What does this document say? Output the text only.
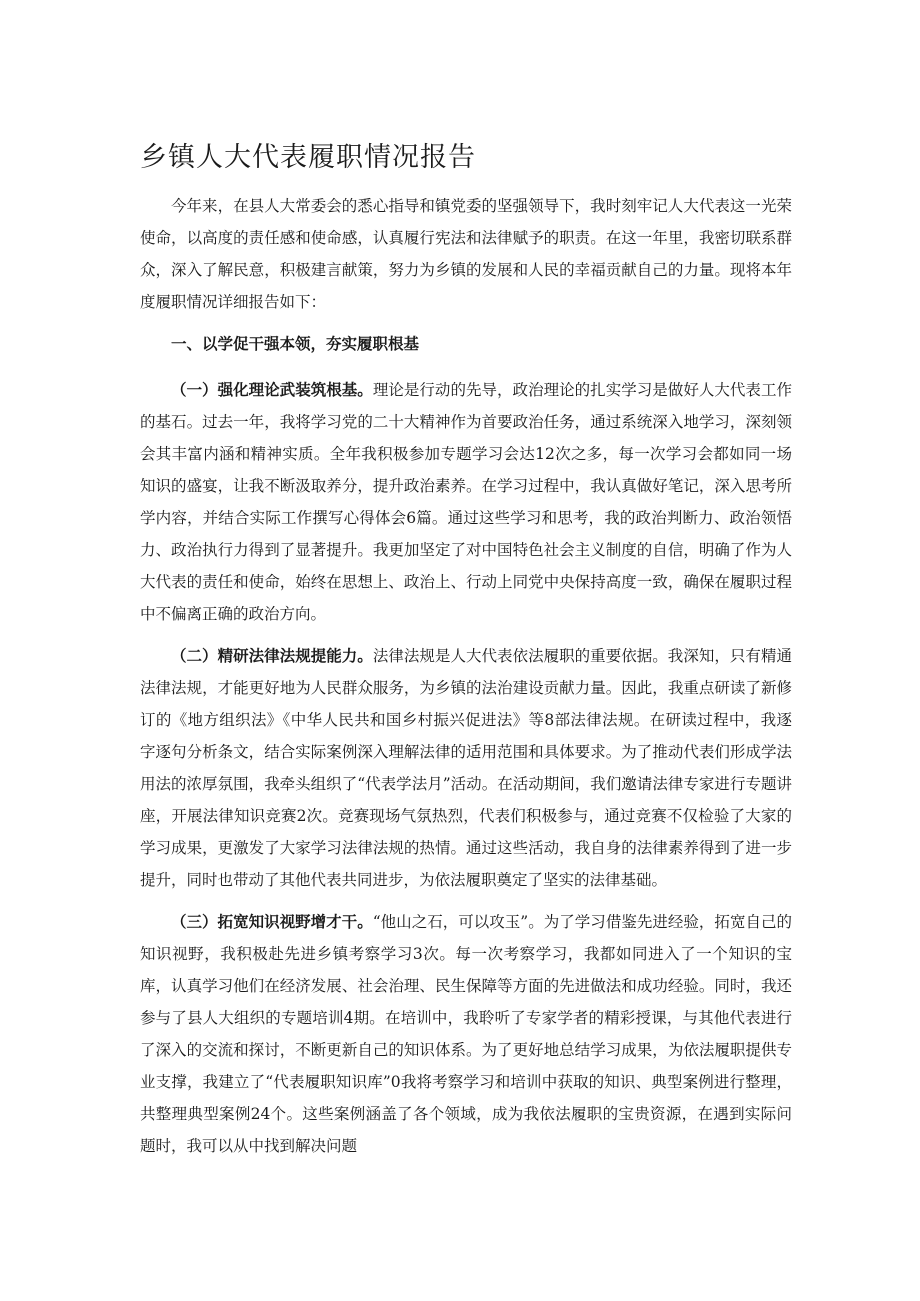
乡镇人大代表履职情况报告

今年来，在县人大常委会的悉心指导和镇党委的坚强领导下，我时刻牢记人大代表这一光荣使命，以高度的责任感和使命感，认真履行宪法和法律赋予的职责。在这一年里，我密切联系群众，深入了解民意，积极建言献策，努力为乡镇的发展和人民的幸福贡献自己的力量。现将本年度履职情况详细报告如下：

一、以学促干强本领，夯实履职根基

（一）强化理论武装筑根基。理论是行动的先导，政治理论的扎实学习是做好人大代表工作的基石。过去一年，我将学习党的二十大精神作为首要政治任务，通过系统深入地学习，深刻领会其丰富内涵和精神实质。全年我积极参加专题学习会达12次之多，每一次学习会都如同一场知识的盛宴，让我不断汲取养分，提升政治素养。在学习过程中，我认真做好笔记，深入思考所学内容，并结合实际工作撰写心得体会6篇。通过这些学习和思考，我的政治判断力、政治领悟力、政治执行力得到了显著提升。我更加坚定了对中国特色社会主义制度的自信，明确了作为人大代表的责任和使命，始终在思想上、政治上、行动上同党中央保持高度一致，确保在履职过程中不偏离正确的政治方向。

（二）精研法律法规提能力。法律法规是人大代表依法履职的重要依据。我深知，只有精通法律法规，才能更好地为人民群众服务，为乡镇的法治建设贡献力量。因此，我重点研读了新修订的《地方组织法》《中华人民共和国乡村振兴促进法》等8部法律法规。在研读过程中，我逐字逐句分析条文，结合实际案例深入理解法律的适用范围和具体要求。为了推动代表们形成学法用法的浓厚氛围，我牵头组织了“代表学法月”活动。在活动期间，我们邀请法律专家进行专题讲座，开展法律知识竞赛2次。竞赛现场气氛热烈，代表们积极参与，通过竞赛不仅检验了大家的学习成果，更激发了大家学习法律法规的热情。通过这些活动，我自身的法律素养得到了进一步提升，同时也带动了其他代表共同进步，为依法履职奠定了坚实的法律基础。

（三）拓宽知识视野增才干。“他山之石，可以攻玉”。为了学习借鉴先进经验，拓宽自己的知识视野，我积极赴先进乡镇考察学习3次。每一次考察学习，我都如同进入了一个知识的宝库，认真学习他们在经济发展、社会治理、民生保障等方面的先进做法和成功经验。同时，我还参与了县人大组织的专题培训4期。在培训中，我聆听了专家学者的精彩授课，与其他代表进行了深入的交流和探讨，不断更新自己的知识体系。为了更好地总结学习成果，为依法履职提供专业支撑，我建立了“代表履职知识库”0我将考察学习和培训中获取的知识、典型案例进行整理，共整理典型案例24个。这些案例涵盖了各个领域，成为我依法履职的宝贵资源，在遇到实际问题时，我可以从中找到解决问题
